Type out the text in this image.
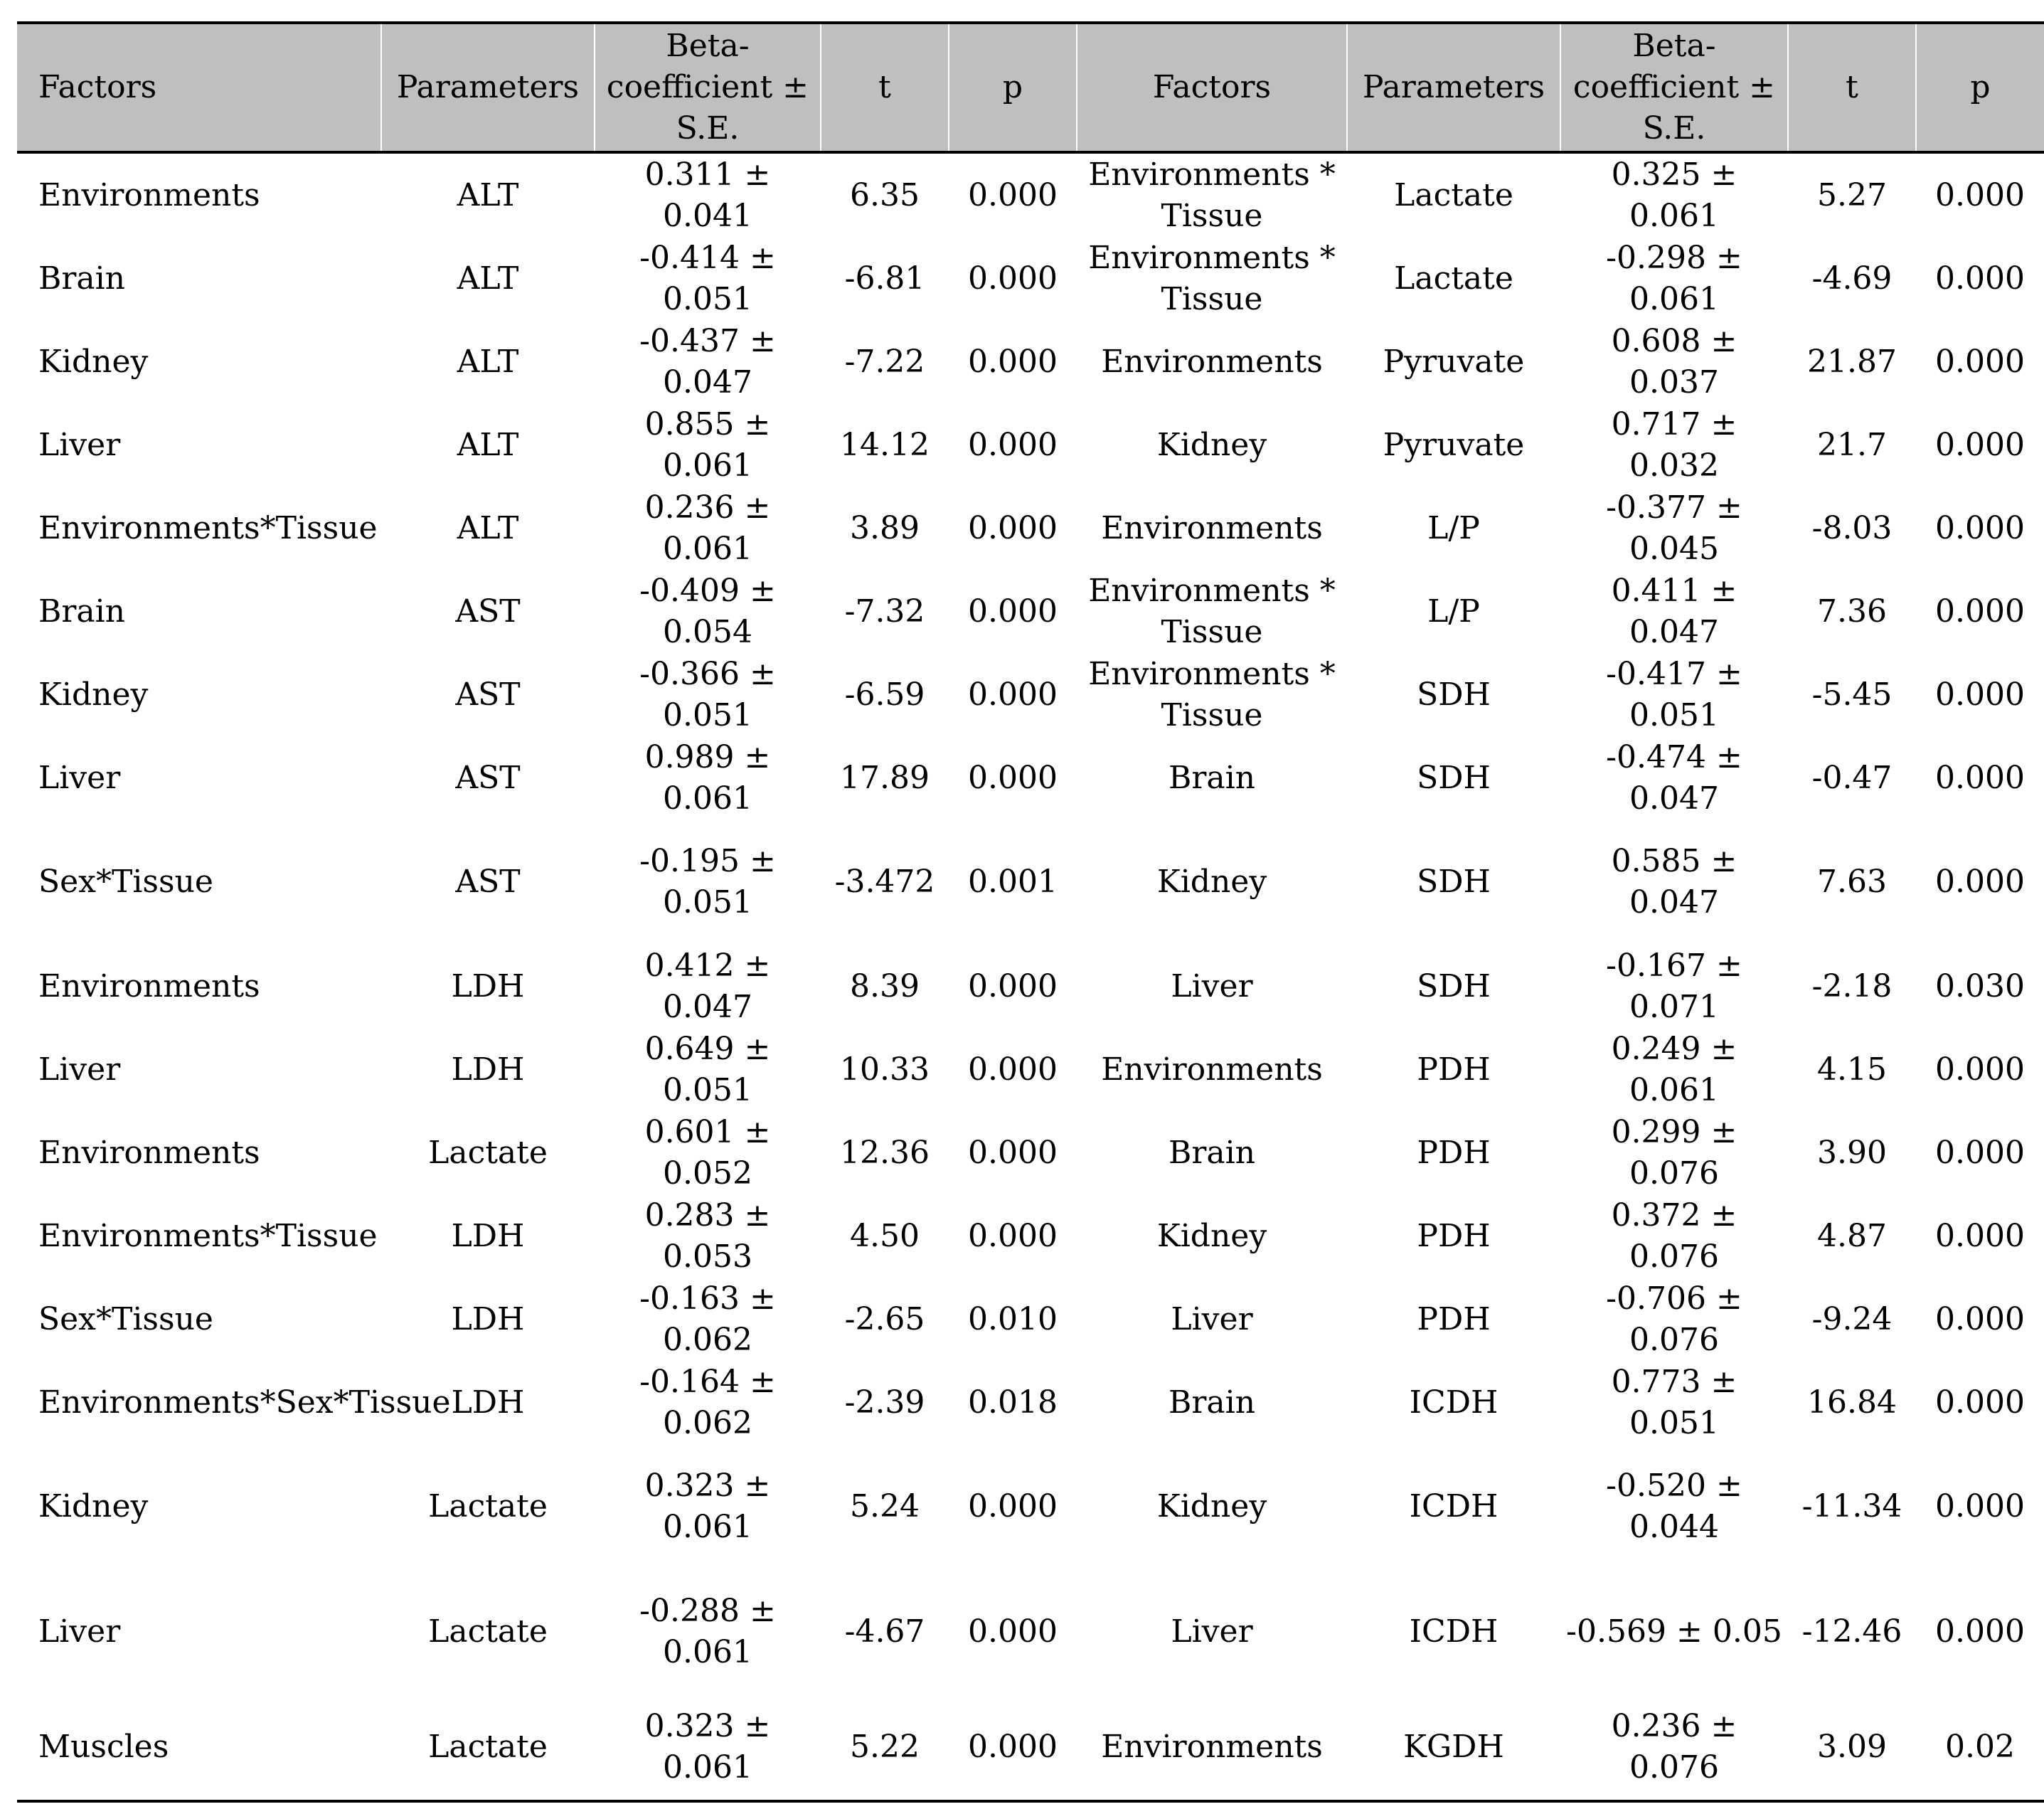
Factors	Parameters	Beta-coefficient ± S.E.	t	p	Factors	Parameters	Beta-coefficient ± S.E.	t	p
Environments	ALT	0.311 ± 0.041	6.35	0.000	Environments * Tissue	Lactate	0.325 ± 0.061	5.27	0.000
Brain	ALT	-0.414 ± 0.051	-6.81	0.000	Environments * Tissue	Lactate	-0.298 ± 0.061	-4.69	0.000
Kidney	ALT	-0.437 ± 0.047	-7.22	0.000	Environments	Pyruvate	0.608 ± 0.037	21.87	0.000
Liver	ALT	0.855 ± 0.061	14.12	0.000	Kidney	Pyruvate	0.717 ± 0.032	21.7	0.000
Environments*Tissue	ALT	0.236 ± 0.061	3.89	0.000	Environments	L/P	-0.377 ± 0.045	-8.03	0.000
Brain	AST	-0.409 ± 0.054	-7.32	0.000	Environments * Tissue	L/P	0.411 ± 0.047	7.36	0.000
Kidney	AST	-0.366 ± 0.051	-6.59	0.000	Environments * Tissue	SDH	-0.417 ± 0.051	-5.45	0.000
Liver	AST	0.989 ± 0.061	17.89	0.000	Brain	SDH	-0.474 ± 0.047	-0.47	0.000
Sex*Tissue	AST	-0.195 ± 0.051	-3.472	0.001	Kidney	SDH	0.585 ± 0.047	7.63	0.000
Environments	LDH	0.412 ± 0.047	8.39	0.000	Liver	SDH	-0.167 ± 0.071	-2.18	0.030
Liver	LDH	0.649 ± 0.051	10.33	0.000	Environments	PDH	0.249 ± 0.061	4.15	0.000
Environments	Lactate	0.601 ± 0.052	12.36	0.000	Brain	PDH	0.299 ± 0.076	3.90	0.000
Environments*Tissue	LDH	0.283 ± 0.053	4.50	0.000	Kidney	PDH	0.372 ± 0.076	4.87	0.000
Sex*Tissue	LDH	-0.163 ± 0.062	-2.65	0.010	Liver	PDH	-0.706 ± 0.076	-9.24	0.000
Environments*Sex*Tissue	LDH	-0.164 ± 0.062	-2.39	0.018	Brain	ICDH	0.773 ± 0.051	16.84	0.000
Kidney	Lactate	0.323 ± 0.061	5.24	0.000	Kidney	ICDH	-0.520 ± 0.044	-11.34	0.000
Liver	Lactate	-0.288 ± 0.061	-4.67	0.000	Liver	ICDH	-0.569 ± 0.05	-12.46	0.000
Muscles	Lactate	0.323 ± 0.061	5.22	0.000	Environments	KGDH	0.236 ± 0.076	3.09	0.02
